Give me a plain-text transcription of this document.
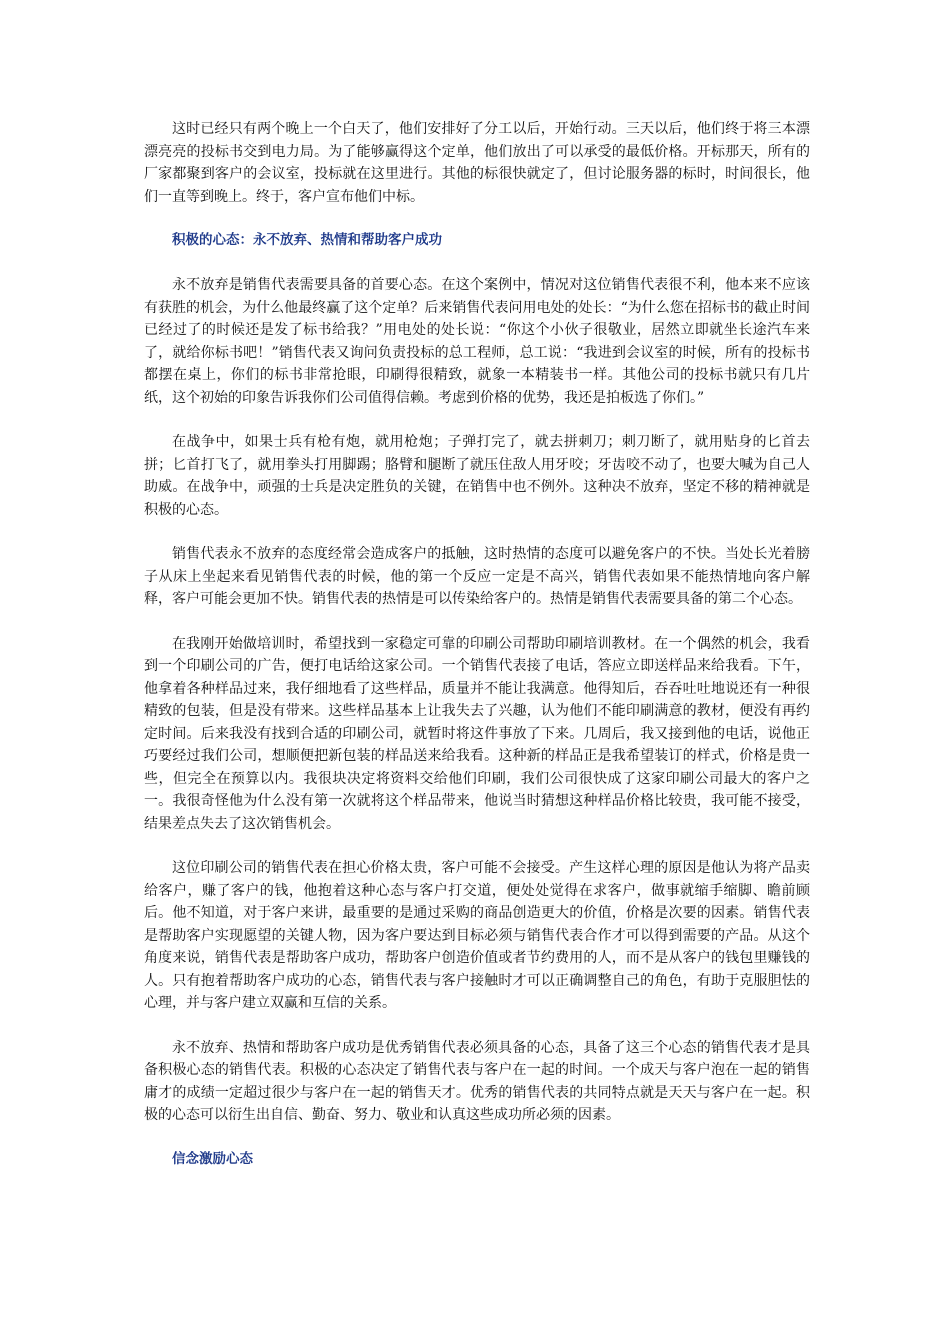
这时已经只有两个晚上一个白天了，他们安排好了分工以后，开始行动。三天以后，他们终于将三本漂漂亮亮的投标书交到电力局。为了能够赢得这个定单，他们放出了可以承受的最低价格。开标那天，所有的厂家都聚到客户的会议室，投标就在这里进行。其他的标很快就定了，但讨论服务器的标时，时间很长，他们一直等到晚上。终于，客户宣布他们中标。

积极的心态：永不放弃、热情和帮助客户成功

永不放弃是销售代表需要具备的首要心态。在这个案例中，情况对这位销售代表很不利，他本来不应该有获胜的机会，为什么他最终赢了这个定单？后来销售代表问用电处的处长：“为什么您在招标书的截止时间已经过了的时候还是发了标书给我？”用电处的处长说：“你这个小伙子很敬业，居然立即就坐长途汽车来了，就给你标书吧！”销售代表又询问负责投标的总工程师，总工说：“我进到会议室的时候，所有的投标书都摆在桌上，你们的标书非常抢眼，印刷得很精致，就象一本精装书一样。其他公司的投标书就只有几片纸，这个初始的印象告诉我你们公司值得信赖。考虑到价格的优势，我还是拍板选了你们。”

在战争中，如果士兵有枪有炮，就用枪炮；子弹打完了，就去拼刺刀；刺刀断了，就用贴身的匕首去拼；匕首打飞了，就用拳头打用脚踢；胳臂和腿断了就压住敌人用牙咬；牙齿咬不动了，也要大喊为自己人助威。在战争中，顽强的士兵是决定胜负的关键，在销售中也不例外。这种决不放弃，坚定不移的精神就是积极的心态。

销售代表永不放弃的态度经常会造成客户的抵触，这时热情的态度可以避免客户的不快。当处长光着膀子从床上坐起来看见销售代表的时候，他的第一个反应一定是不高兴，销售代表如果不能热情地向客户解释，客户可能会更加不快。销售代表的热情是可以传染给客户的。热情是销售代表需要具备的第二个心态。

在我刚开始做培训时，希望找到一家稳定可靠的印刷公司帮助印刷培训教材。在一个偶然的机会，我看到一个印刷公司的广告，便打电话给这家公司。一个销售代表接了电话，答应立即送样品来给我看。下午，他拿着各种样品过来，我仔细地看了这些样品，质量并不能让我满意。他得知后，吞吞吐吐地说还有一种很精致的包装，但是没有带来。这些样品基本上让我失去了兴趣，认为他们不能印刷满意的教材，便没有再约定时间。后来我没有找到合适的印刷公司，就暂时将这件事放了下来。几周后，我又接到他的电话，说他正巧要经过我们公司，想顺便把新包装的样品送来给我看。这种新的样品正是我希望装订的样式，价格是贵一些，但完全在预算以内。我很块决定将资料交给他们印刷，我们公司很快成了这家印刷公司最大的客户之一。我很奇怪他为什么没有第一次就将这个样品带来，他说当时猜想这种样品价格比较贵，我可能不接受，结果差点失去了这次销售机会。

这位印刷公司的销售代表在担心价格太贵，客户可能不会接受。产生这样心理的原因是他认为将产品卖给客户，赚了客户的钱，他抱着这种心态与客户打交道，便处处觉得在求客户，做事就缩手缩脚、瞻前顾后。他不知道，对于客户来讲，最重要的是通过采购的商品创造更大的价值，价格是次要的因素。销售代表是帮助客户实现愿望的关键人物，因为客户要达到目标必须与销售代表合作才可以得到需要的产品。从这个角度来说，销售代表是帮助客户成功，帮助客户创造价值或者节约费用的人，而不是从客户的钱包里赚钱的人。只有抱着帮助客户成功的心态，销售代表与客户接触时才可以正确调整自己的角色，有助于克服胆怯的心理，并与客户建立双赢和互信的关系。

永不放弃、热情和帮助客户成功是优秀销售代表必须具备的心态，具备了这三个心态的销售代表才是具备积极心态的销售代表。积极的心态决定了销售代表与客户在一起的时间。一个成天与客户泡在一起的销售庸才的成绩一定超过很少与客户在一起的销售天才。优秀的销售代表的共同特点就是天天与客户在一起。积极的心态可以衍生出自信、勤奋、努力、敬业和认真这些成功所必须的因素。

信念激励心态
